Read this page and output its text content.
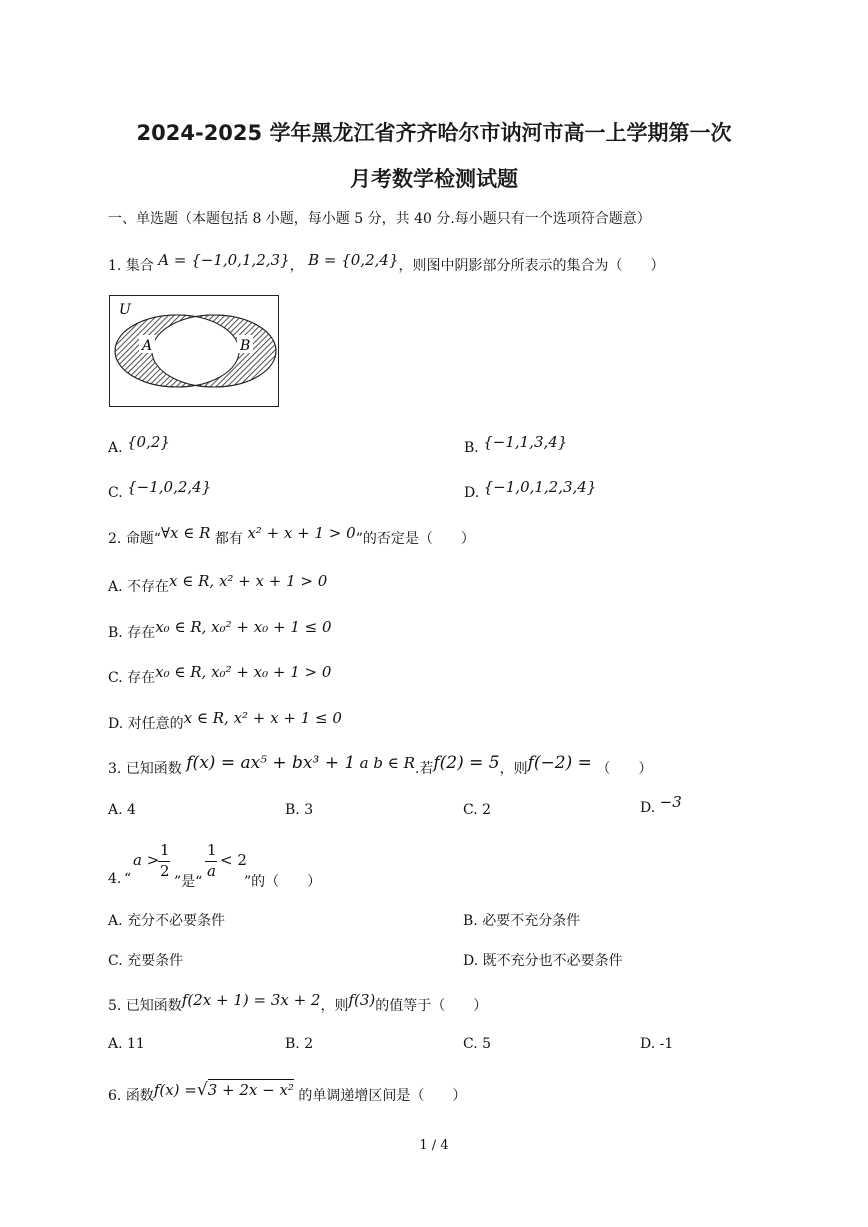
2024-2025 学年黑龙江省齐齐哈尔市讷河市高一上学期第一次
月考数学检测试题
一、单选题（本题包括 8 小题，每小题 5 分，共 40 分.每小题只有一个选项符合题意）
1. 集合 A = {−1,0,1,2,3}， B = {0,2,4}，则图中阴影部分所表示的集合为（　　）
U
A	B
A. {0,2}	B. {−1,1,3,4}
C. {−1,0,2,4}	D. {−1,0,1,2,3,4}
2. 命题“∀x ∈ R 都有 x² + x + 1 > 0”的否定是（　　）
A. 不存在x ∈ R, x² + x + 1 > 0
B. 存在x₀ ∈ R, x₀² + x₀ + 1 ≤ 0
C. 存在x₀ ∈ R, x₀² + x₀ + 1 > 0
D. 对任意的x ∈ R, x² + x + 1 ≤ 0
3. 已知函数 f(x) = ax⁵ + bx³ + 1 a b ∈ R.若f(2) = 5，则f(−2) = （　　）
A. 4	B. 3	C. 2	D. −3
4. “
a >
1
2
”是“
1
a
< 2
”的（　　）
A. 充分不必要条件	B. 必要不充分条件
C. 充要条件	D. 既不充分也不必要条件
5. 已知函数f(2x + 1) = 3x + 2，则f(3)的值等于（　　）
A. 11	B. 2	C. 5	D. -1
6. 函数f(x) =√3 + 2x − x² 的单调递增区间是（　　）
1 / 4
